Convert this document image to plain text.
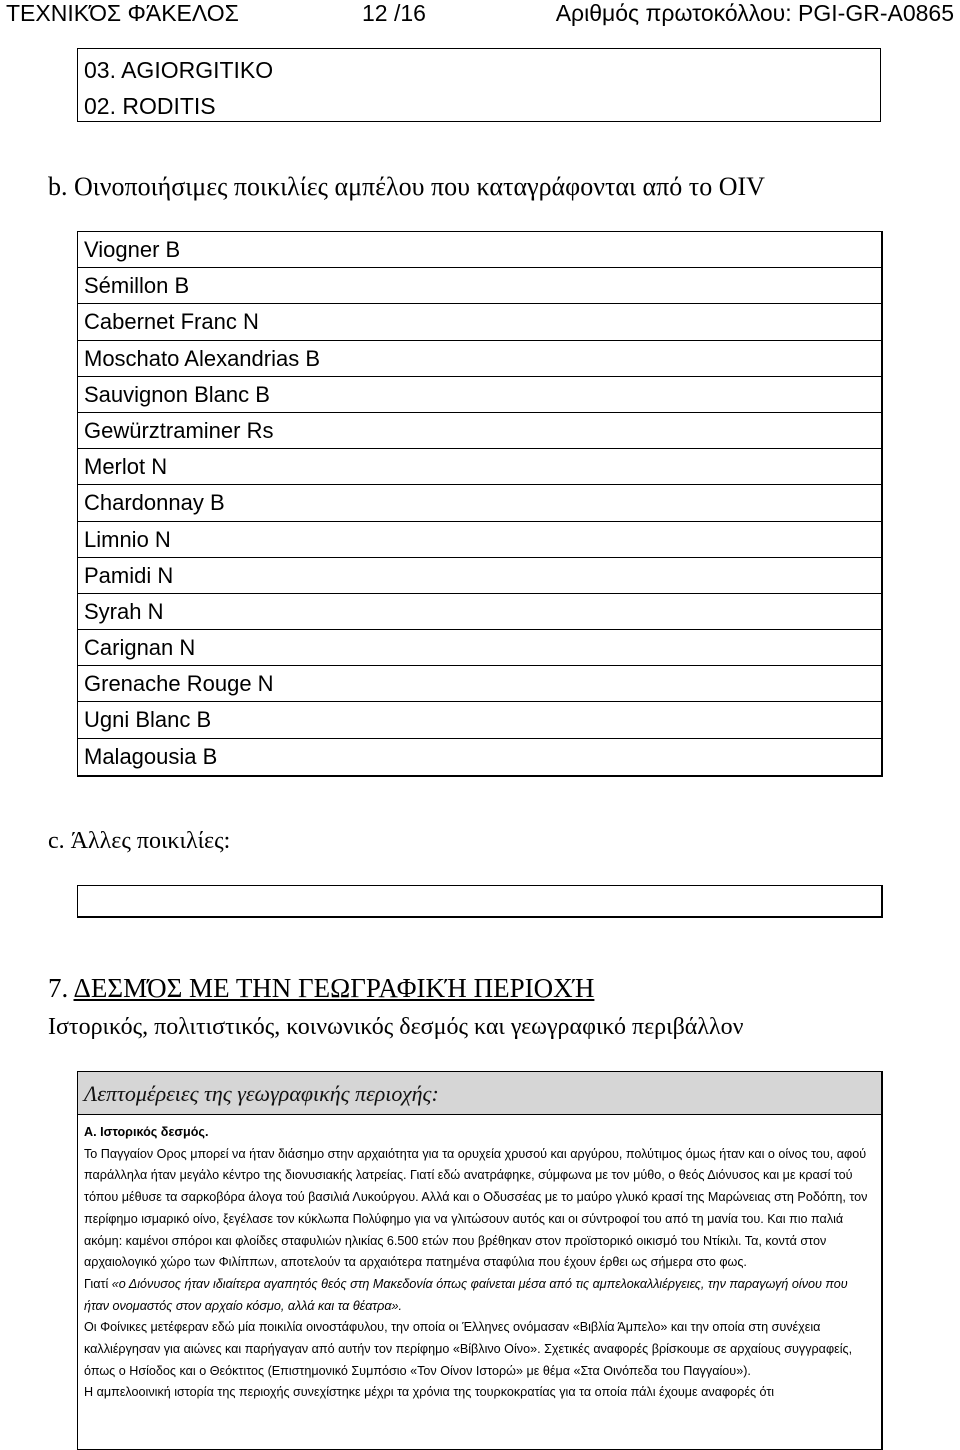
ΤΕΧΝΙΚΌΣ ΦΆΚΕΛΟΣ	12 /16	Αριθμός πρωτοκόλλου: PGI-GR-A0865
03. AGIORGITIKO
02. RODITIS
b. Οινοποιήσιμες ποικιλίες αμπέλου που καταγράφονται από το OIV
Viogner B
Sémillon B
Cabernet Franc N
Moschato Alexandrias B
Sauvignon Blanc B
Gewürztraminer Rs
Merlot N
Chardonnay B
Limnio N
Pamidi N
Syrah N
Carignan N
Grenache Rouge N
Ugni Blanc B
Malagousia B
c. Άλλες ποικιλίες:
7. ΔΕΣΜΌΣ ΜΕ ΤΗΝ ΓΕΩΓΡΑΦΙΚΉ ΠΕΡΙΟΧΉ
Ιστορικός, πολιτιστικός, κοινωνικός δεσμός και γεωγραφικό περιβάλλον
Λεπτομέρειες της γεωγραφικής περιοχής:

Α. Ιστορικός δεσμός.

Το Παγγαίον Ορος μπορεί να ήταν διάσημο στην αρχαιότητα για τα ορυχεία χρυσού και αργύρου, πολύτιμος όμως ήταν και ο οίνος του, αφού παράλληλα ήταν μεγάλο κέντρο της διονυσιακής λατρείας. Γιατί εδώ ανατράφηκε, σύμφωνα με τον μύθο, ο θεός Διόνυσος και με κρασί τού τόπου μέθυσε τα σαρκοβόρα άλογα τού βασιλιά Λυκούργου. Αλλά και ο Οδυσσέας με το μαύρο γλυκό κρασί της Μαρώνειας στη Ροδόπη, τον περίφημο ισμαρικό οίνο, ξεγέλασε τον κύκλωπα Πολύφημο για να γλιτώσουν αυτός και οι σύντροφοί του από τη μανία του. Και πιο παλιά ακόμη: καμένοι σπόροι και φλοίδες σταφυλιών ηλικίας 6.500 ετών που βρέθηκαν στον προϊστορικό οικισμό του Ντίκιλι. Τα, κοντά στον αρχαιολογικό χώρο των Φιλίππων, αποτελούν τα αρχαιότερα πατημένα σταφύλια που έχουν έρθει ως σήμερα στο φως.

Γιατί «ο Διόνυσος ήταν ιδιαίτερα αγαπητός θεός στη Μακεδονία όπως φαίνεται μέσα από τις αμπελοκαλλιέργειες, την παραγωγή οίνου που ήταν ονομαστός στον αρχαίο κόσμο, αλλά και τα θέατρα».

Οι Φοίνικες μετέφεραν εδώ μία ποικιλία οινοστάφυλου, την οποία οι Έλληνες ονόμασαν «Βιβλία Άμπελο» και την οποία στη συνέχεια καλλιέργησαν για αιώνες και παρήγαγαν από αυτήν τον περίφημο «Βίβλινο Οίνο». Σχετικές αναφορές βρίσκουμε σε αρχαίους συγγραφείς, όπως ο Ησίοδος και ο Θεόκτιτος (Επιστημονικό Συμπόσιο «Τον Οίνον Ιστορώ» με θέμα «Στα Οινόπεδα του Παγγαίου»).

Η αμπελοοινική ιστορία της περιοχής συνεχίστηκε μέχρι τα χρόνια της τουρκοκρατίας για τα οποία πάλι έχουμε αναφορές ότι
